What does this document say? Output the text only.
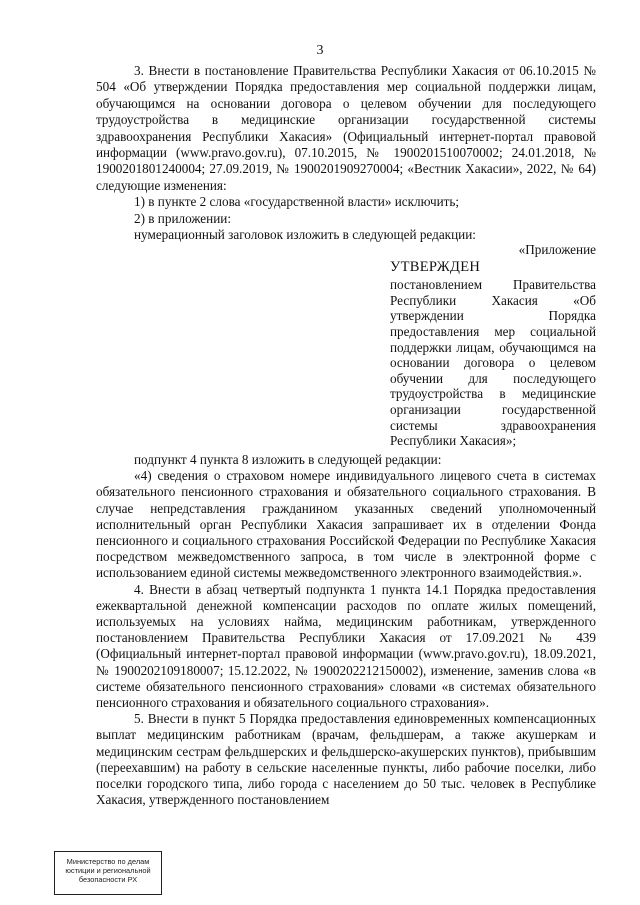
3

3. Внести в постановление Правительства Республики Хакасия от 06.10.2015 № 504 «Об утверждении Порядка предоставления мер социальной поддержки лицам, обучающимся на основании договора о целевом обучении для последующего трудоустройства в медицинские организации государственной системы здравоохранения Республики Хакасия» (Официальный интернет-портал правовой информации (www.pravo.gov.ru), 07.10.2015, № 1900201510070002; 24.01.2018, № 1900201801240004; 27.09.2019, № 1900201909270004; «Вестник Хакасии», 2022, № 64) следующие изменения:

1) в пункте 2 слова «государственной власти» исключить;

2) в приложении:

нумерационный заголовок изложить в следующей редакции:

«Приложение
УТВЕРЖДЕН
постановлением Правительства Республики Хакасия «Об утверждении Порядка предоставления мер социальной поддержки лицам, обучающимся на основании договора о целевом обучении для последующего трудоустройства в медицинские организации государственной системы здравоохранения Республики Хакасия»;

подпункт 4 пункта 8 изложить в следующей редакции:

«4) сведения о страховом номере индивидуального лицевого счета в системах обязательного пенсионного страхования и обязательного социального страхования. В случае непредставления гражданином указанных сведений уполномоченный исполнительный орган Республики Хакасия запрашивает их в отделении Фонда пенсионного и социального страхования Российской Федерации по Республике Хакасия посредством межведомственного запроса, в том числе в электронной форме с использованием единой системы межведомственного электронного взаимодействия.».

4. Внести в абзац четвертый подпункта 1 пункта 14.1 Порядка предоставления ежеквартальной денежной компенсации расходов по оплате жилых помещений, используемых на условиях найма, медицинским работникам, утвержденного постановлением Правительства Республики Хакасия от 17.09.2021 № 439 (Официальный интернет-портал правовой информации (www.pravo.gov.ru), 18.09.2021, № 1900202109180007; 15.12.2022, № 1900202212150002), изменение, заменив слова «в системе обязательного пенсионного страхования» словами «в системах обязательного пенсионного страхования и обязательного социального страхования».

5. Внести в пункт 5 Порядка предоставления единовременных компенсационных выплат медицинским работникам (врачам, фельдшерам, а также акушеркам и медицинским сестрам фельдшерских и фельдшерско-акушерских пунктов), прибывшим (переехавшим) на работу в сельские населенные пункты, либо рабочие поселки, либо поселки городского типа, либо города с населением до 50 тыс. человек в Республике Хакасия, утвержденного постановлением

Министерство по делам
юстиции и региональной
безопасности РХ
